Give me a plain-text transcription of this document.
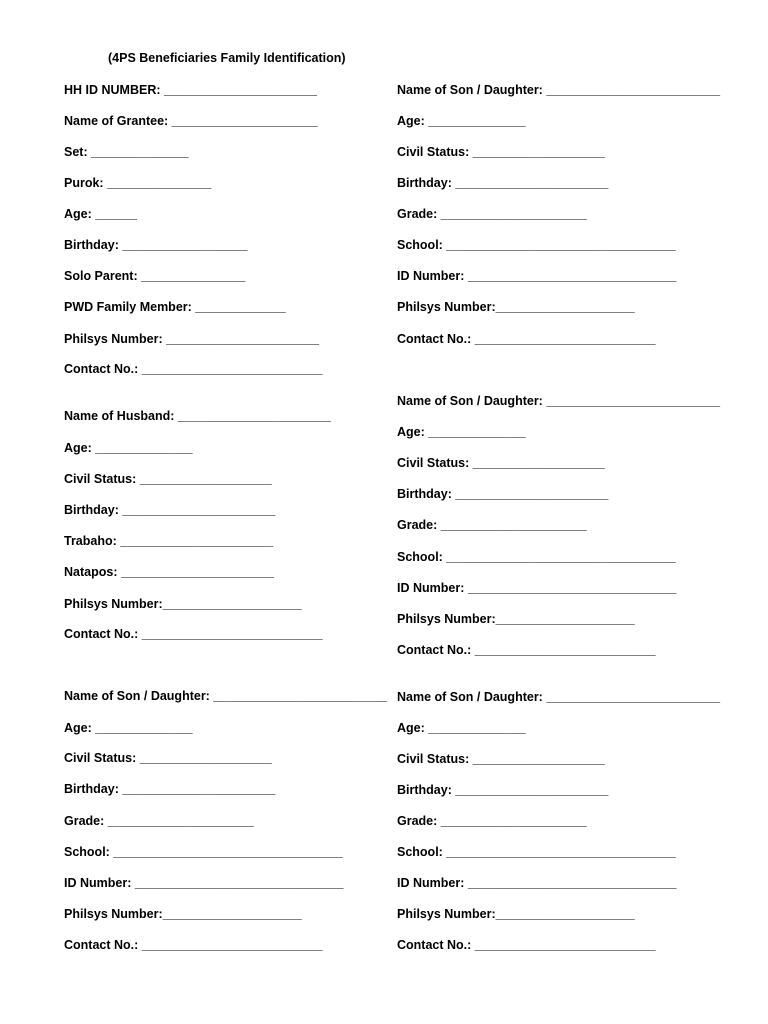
(4PS Beneficiaries Family Identification)
HH ID NUMBER: ______________________
Name of Grantee: _____________________
Set: ______________
Purok: _______________
Age: ______
Birthday: __________________
Solo Parent: _______________
PWD Family Member: _____________
Philsys Number: ______________________
Contact No.: __________________________
Name of Husband: ______________________
Age: ______________
Civil Status: ___________________
Birthday: ______________________
Trabaho: ______________________
Natapos: ______________________
Philsys Number:____________________
Contact No.: __________________________
Name of Son / Daughter: _________________________
Age: ______________
Civil Status: ___________________
Birthday: ______________________
Grade: _____________________
School: _________________________________
ID Number: ______________________________
Philsys Number:____________________
Contact No.: __________________________
Name of Son / Daughter: _________________________
Age: ______________
Civil Status: ___________________
Birthday: ______________________
Grade: _____________________
School: _________________________________
ID Number: ______________________________
Philsys Number:____________________
Contact No.: __________________________
Name of Son / Daughter: _________________________
Age: ______________
Civil Status: ___________________
Birthday: ______________________
Grade: _____________________
School: _________________________________
ID Number: ______________________________
Philsys Number:____________________
Contact No.: __________________________
Name of Son / Daughter: _________________________
Age: ______________
Civil Status: ___________________
Birthday: ______________________
Grade: _____________________
School: _________________________________
ID Number: ______________________________
Philsys Number:____________________
Contact No.: __________________________
